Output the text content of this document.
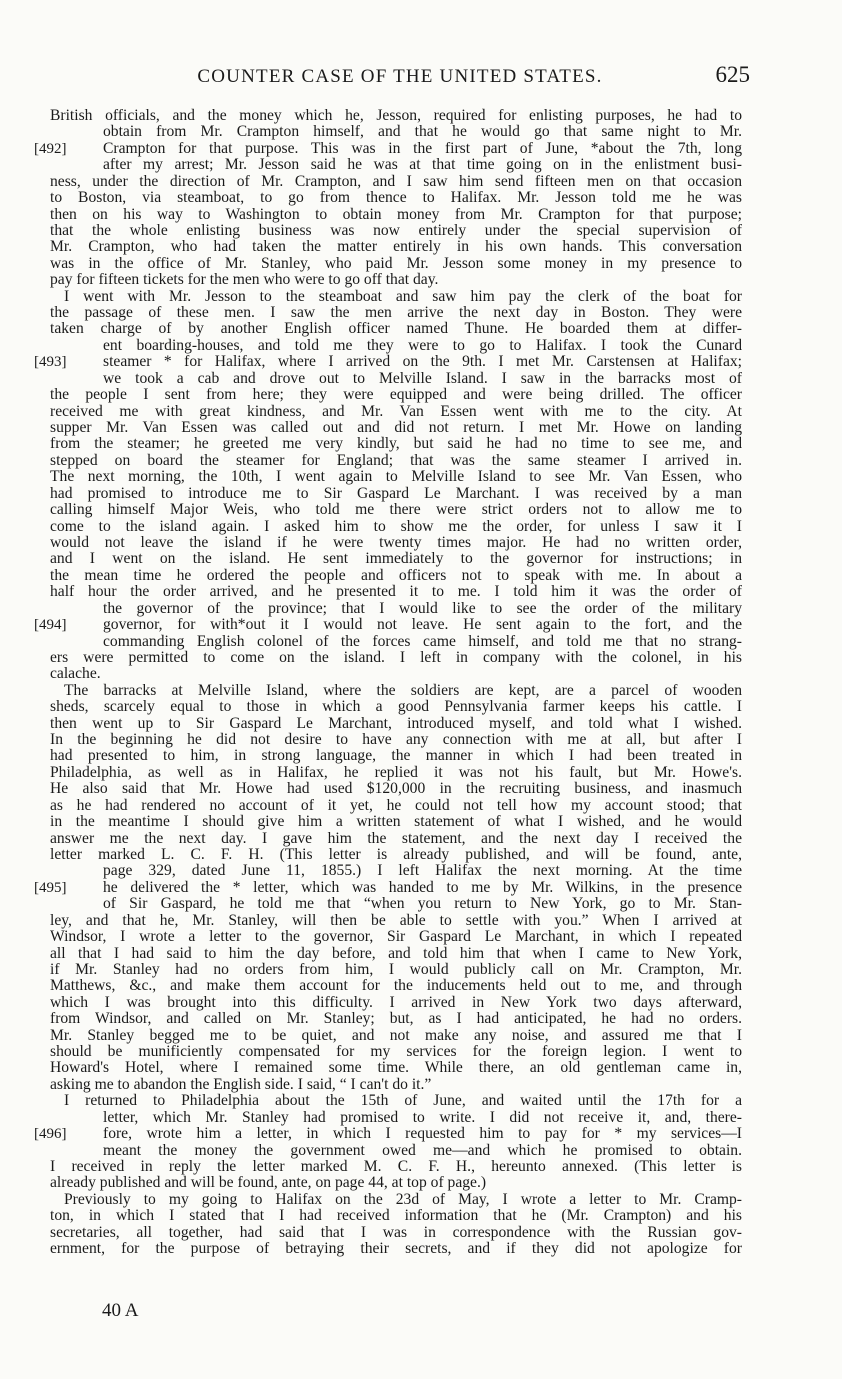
COUNTER CASE OF THE UNITED STATES.	625
British officials, and the money which he, Jesson, required for enlisting purposes, he had to
obtain from Mr. Crampton himself, and that he would go that same night to Mr.
[492] Crampton for that purpose. This was in the first part of June, *about the 7th, long
after my arrest; Mr. Jesson said he was at that time going on in the enlistment busi-
ness, under the direction of Mr. Crampton, and I saw him send fifteen men on that occasion
to Boston, via steamboat, to go from thence to Halifax. Mr. Jesson told me he was
then on his way to Washington to obtain money from Mr. Crampton for that purpose;
that the whole enlisting business was now entirely under the special supervision of
Mr. Crampton, who had taken the matter entirely in his own hands. This conversation
was in the office of Mr. Stanley, who paid Mr. Jesson some money in my presence to
pay for fifteen tickets for the men who were to go off that day.
I went with Mr. Jesson to the steamboat and saw him pay the clerk of the boat for
the passage of these men. I saw the men arrive the next day in Boston. They were
taken charge of by another English officer named Thune. He boarded them at differ-
ent boarding-houses, and told me they were to go to Halifax. I took the Cunard
[493] steamer * for Halifax, where I arrived on the 9th. I met Mr. Carstensen at Halifax;
we took a cab and drove out to Melville Island. I saw in the barracks most of
the people I sent from here; they were equipped and were being drilled. The officer
received me with great kindness, and Mr. Van Essen went with me to the city. At
supper Mr. Van Essen was called out and did not return. I met Mr. Howe on landing
from the steamer; he greeted me very kindly, but said he had no time to see me, and
stepped on board the steamer for England; that was the same steamer I arrived in.
The next morning, the 10th, I went again to Melville Island to see Mr. Van Essen, who
had promised to introduce me to Sir Gaspard Le Marchant. I was received by a man
calling himself Major Weis, who told me there were strict orders not to allow me to
come to the island again. I asked him to show me the order, for unless I saw it I
would not leave the island if he were twenty times major. He had no written order,
and I went on the island. He sent immediately to the governor for instructions; in
the mean time he ordered the people and officers not to speak with me. In about a
half hour the order arrived, and he presented it to me. I told him it was the order of
the governor of the province; that I would like to see the order of the military
[494] governor, for with*out it I would not leave. He sent again to the fort, and the
commanding English colonel of the forces came himself, and told me that no strang-
ers were permitted to come on the island. I left in company with the colonel, in his
calache.
The barracks at Melville Island, where the soldiers are kept, are a parcel of wooden
sheds, scarcely equal to those in which a good Pennsylvania farmer keeps his cattle. I
then went up to Sir Gaspard Le Marchant, introduced myself, and told what I wished.
In the beginning he did not desire to have any connection with me at all, but after I
had presented to him, in strong language, the manner in which I had been treated in
Philadelphia, as well as in Halifax, he replied it was not his fault, but Mr. Howe's.
He also said that Mr. Howe had used $120,000 in the recruiting business, and inasmuch
as he had rendered no account of it yet, he could not tell how my account stood; that
in the meantime I should give him a written statement of what I wished, and he would
answer me the next day. I gave him the statement, and the next day I received the
letter marked L. C. F. H. (This letter is already published, and will be found, ante,
page 329, dated June 11, 1855.) I left Halifax the next morning. At the time
[495] he delivered the * letter, which was handed to me by Mr. Wilkins, in the presence
of Sir Gaspard, he told me that “when you return to New York, go to Mr. Stan-
ley, and that he, Mr. Stanley, will then be able to settle with you.” When I arrived at
Windsor, I wrote a letter to the governor, Sir Gaspard Le Marchant, in which I repeated
all that I had said to him the day before, and told him that when I came to New York,
if Mr. Stanley had no orders from him, I would publicly call on Mr. Crampton, Mr.
Matthews, &c., and make them account for the inducements held out to me, and through
which I was brought into this difficulty. I arrived in New York two days afterward,
from Windsor, and called on Mr. Stanley; but, as I had anticipated, he had no orders.
Mr. Stanley begged me to be quiet, and not make any noise, and assured me that I
should be munificiently compensated for my services for the foreign legion. I went to
Howard's Hotel, where I remained some time. While there, an old gentleman came in,
asking me to abandon the English side. I said, “ I can't do it.”
I returned to Philadelphia about the 15th of June, and waited until the 17th for a
letter, which Mr. Stanley had promised to write. I did not receive it, and, there-
[496] fore, wrote him a letter, in which I requested him to pay for * my services—I
meant the money the government owed me—and which he promised to obtain.
I received in reply the letter marked M. C. F. H., hereunto annexed. (This letter is
already published and will be found, ante, on page 44, at top of page.)
Previously to my going to Halifax on the 23d of May, I wrote a letter to Mr. Cramp-
ton, in which I stated that I had received information that he (Mr. Crampton) and his
secretaries, all together, had said that I was in correspondence with the Russian gov-
ernment, for the purpose of betraying their secrets, and if they did not apologize for
40 A
